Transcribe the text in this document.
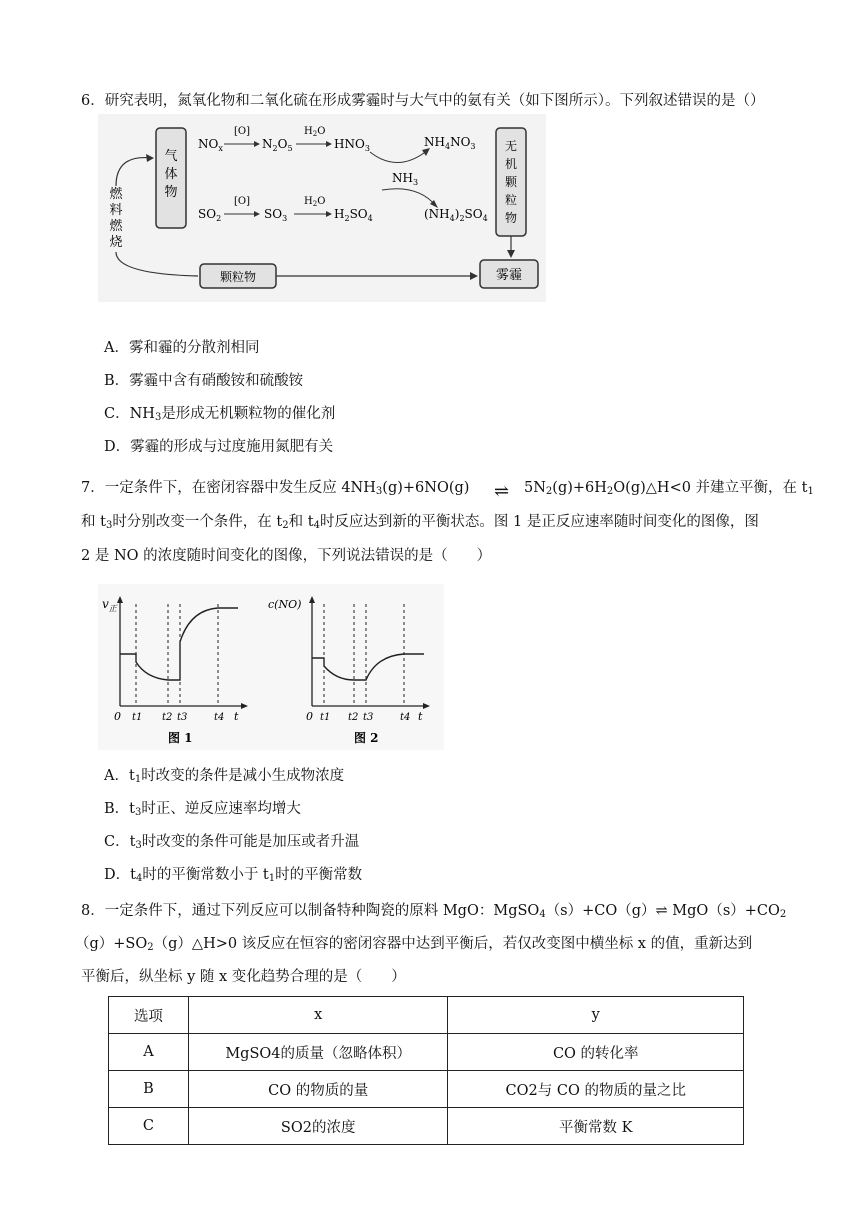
6．研究表明，氮氧化物和二氧化硫在形成雾霾时与大气中的氨有关（如下图所示）。下列叙述错误的是（）
气
体
物
燃
料
燃
烧
$NO_x$
[O]
$N_2O_5$
$H_2O$
$HNO_3$	$NH_4NO_3$
$NH_3$
$SO_2$
[O]
$SO_3$
$H_2O$
$H_2SO_4$	$(NH_4)_2SO_4$
无
机
颗
粒
物
颗粒物	雾霾
A．雾和霾的分散剂相同
B．雾霾中含有硝酸铵和硫酸铵
C．$NH_3$是形成无机颗粒物的催化剂
D．雾霾的形成与过度施用氮肥有关
7．一定条件下，在密闭容器中发生反应 $4NH_3(g)+6NO(g)$ ⇌ $5N_2(g)+6H_2O(g)\triangle H<0$ 并建立平衡，在 $t_1$
和 $t_3$时分别改变一个条件，在 $t_2$和 $t_4$时反应达到新的平衡状态。图 1 是正反应速率随时间变化的图像，图
2 是 NO 的浓度随时间变化的图像，下列说法错误的是（　　）
$v_正$
0 t1 t2 t3	t4 t
图 1
c(NO)
0 t1 t2 t3	t4 t
图 2
A．$t_1$时改变的条件是减小生成物浓度
B．$t_3$时正、逆反应速率均增大
C．$t_3$时改变的条件可能是加压或者升温
D．$t_4$时的平衡常数小于 $t_1$时的平衡常数
8．一定条件下，通过下列反应可以制备特种陶瓷的原料 MgO：MgSO$_4$（s）+CO（g）⇌ $MgO(s)+CO_2$
$(g)+SO_2(g)\triangle H>0$ 该反应在恒容的密闭容器中达到平衡后，若仅改变图中横坐标 x 的值，重新达到
平衡后，纵坐标 y 随 x 变化趋势合理的是（　　）
选项	x	y
A	MgSO4的质量（忽略体积）	CO 的转化率
B	CO 的物质的量	CO2与 CO 的物质的量之比
C	SO2的浓度	平衡常数 K
